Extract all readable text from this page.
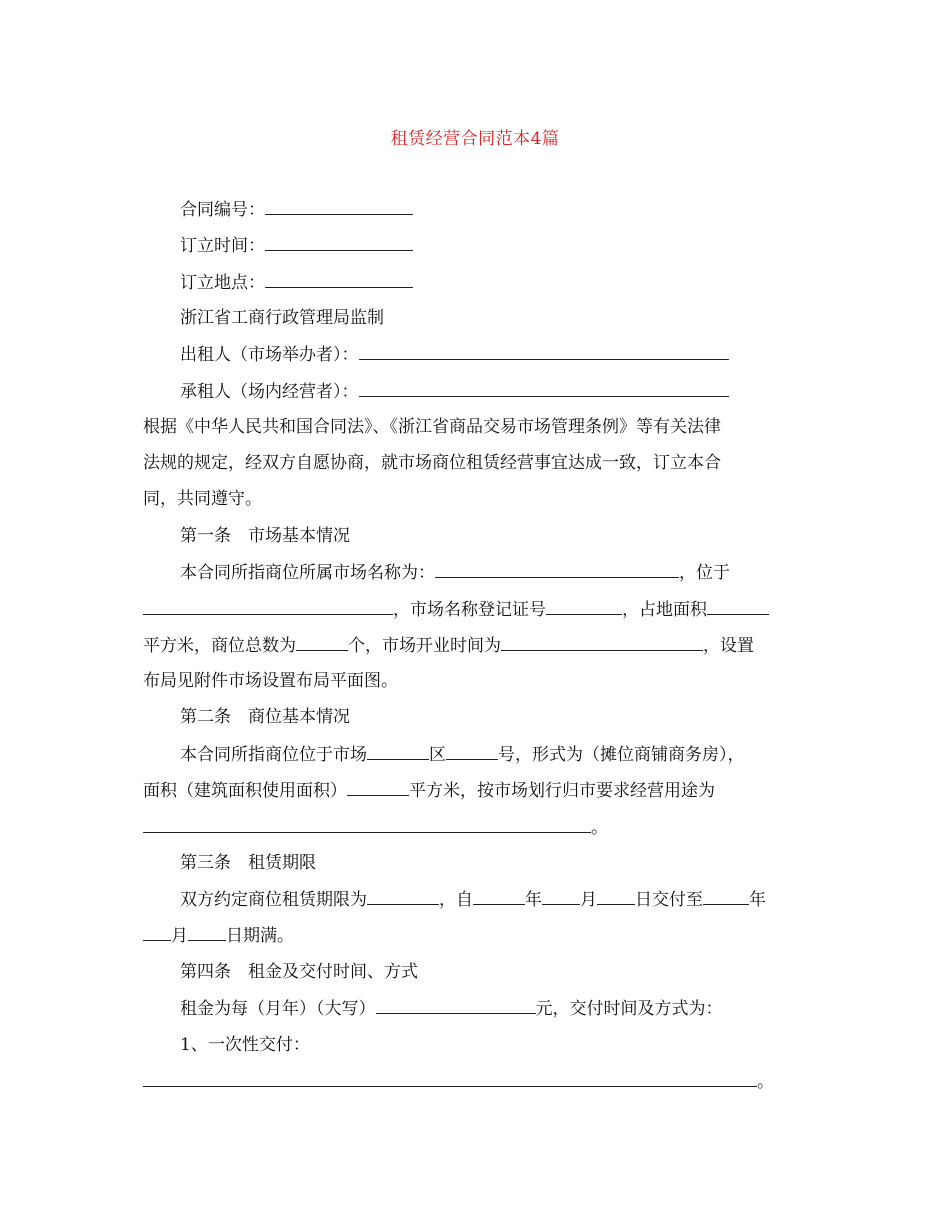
租赁经营合同范本4篇
合同编号：
订立时间：
订立地点：
浙江省工商行政管理局监制
出租人（市场举办者）：
承租人（场内经营者）：
根据《中华人民共和国合同法》、《浙江省商品交易市场管理条例》等有关法律
法规的规定，经双方自愿协商，就市场商位租赁经营事宜达成一致，订立本合
同，共同遵守。
第一条　市场基本情况
本合同所指商位所属市场名称为：	，位于
，市场名称登记证号	，占地面积
平方米，商位总数为	个，市场开业时间为	，设置
布局见附件市场设置布局平面图。
第二条　商位基本情况
本合同所指商位位于市场	区	号，形式为（摊位商铺商务房），
面积（建筑面积使用面积）	平方米，按市场划行归市要求经营用途为
。
第三条　租赁期限
双方约定商位租赁期限为	，自	年 月 日交付至	年
月 日期满。
第四条　租金及交付时间、方式
租金为每（月年）（大写）	元，交付时间及方式为：
1、一次性交付：
。
